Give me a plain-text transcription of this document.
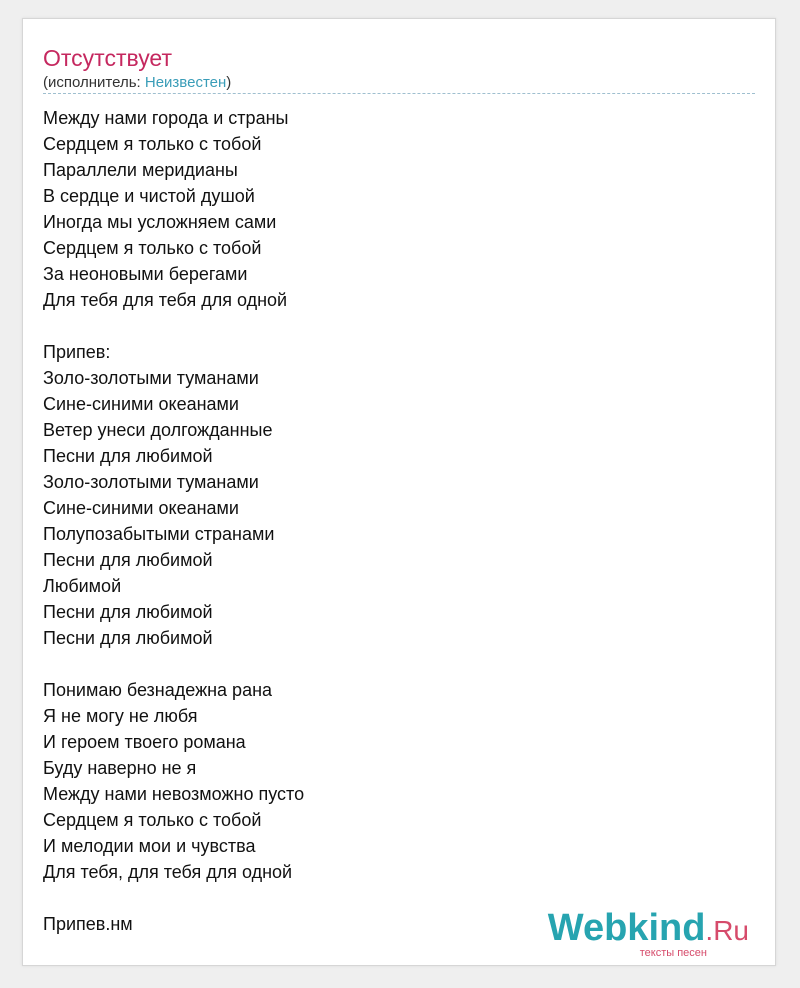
Отсутствует
(исполнитель: Неизвестен)
Между нами города и страны
Сердцем я только с тобой
Параллели меридианы
В сердце и чистой душой
Иногда мы усложняем сами
Сердцем я только с тобой
За неоновыми берегами
Для тебя для тебя для одной
Припев:
Золо-золотыми туманами
Сине-синими океанами
Ветер унеси долгожданные
Песни для любимой
Золо-золотыми туманами
Сине-синими океанами
Полупозабытыми странами
Песни для любимой
Любимой
Песни для любимой
Песни для любимой
Понимаю безнадежна рана
Я не могу не любя
И героем твоего романа
Буду наверно не я
Между нами невозможно пусто
Сердцем я только с тобой
И мелодии мои и чувства
Для тебя, для тебя для одной
Припев.нм	Webkind.Ru
тексты песен
